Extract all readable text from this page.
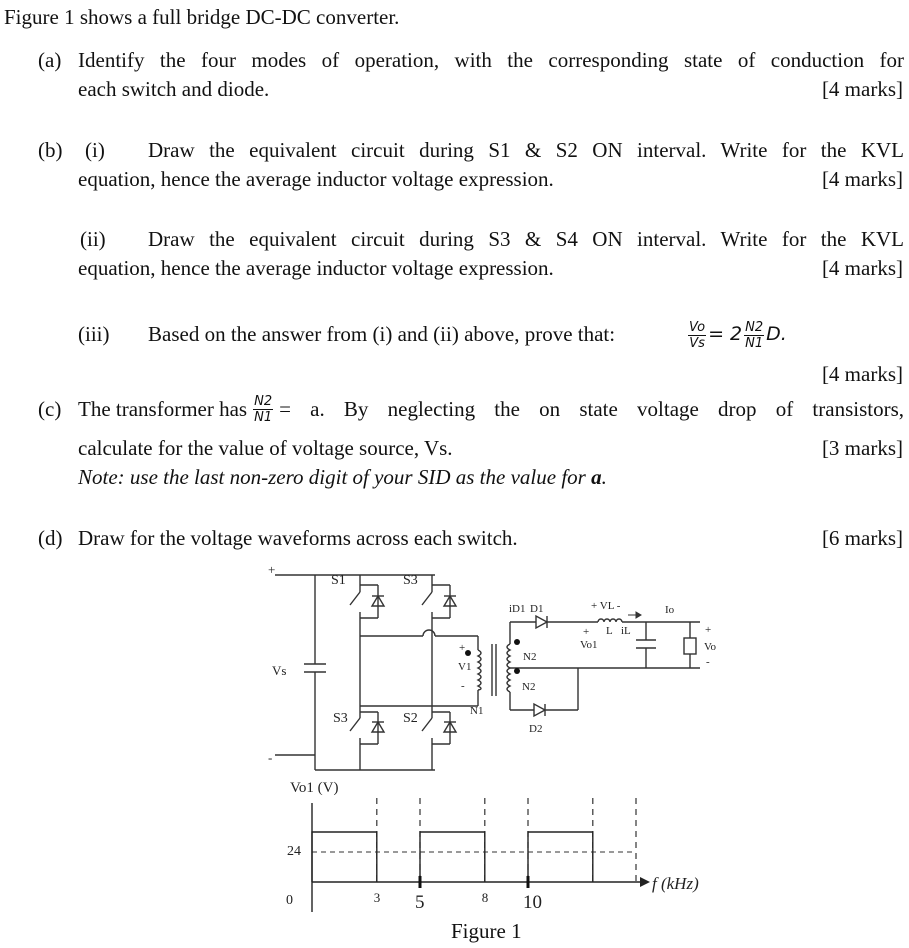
Figure 1 shows a full bridge DC-DC converter.
(a) Identify the four modes of operation, with the corresponding state of conduction for
each switch and diode.	[4 marks]
(b) (i) Draw the equivalent circuit during S1 & S2 ON interval. Write for the KVL
equation, hence the average inductor voltage expression.	[4 marks]
(ii) Draw the equivalent circuit during S3 & S4 ON interval. Write for the KVL
equation, hence the average inductor voltage expression.	[4 marks]
(iii) Based on the answer from (i) and (ii) above, prove that:	$\frac{Vo}{Vs} = 2 \frac{N2}{N1} D$.
[4 marks]
(c) The transformer has $\frac{N2}{N1} = a$. By neglecting the on state voltage drop of transistors,
calculate for the value of voltage source, Vs.	[3 marks]
Note: use the last non-zero digit of your SID as the value for a.
(d) Draw for the voltage waveforms across each switch.	[6 marks]
+
-
Vs
S1	S3
S3	S2
+
V1
-
N1
N2
N2
iD1 D1
D2
+
Vo1
+ VL -
L iL
Io
+
Vo
-
3 5	8 10
Vo1 (V)
f (kHz)
24
0
Figure 1
